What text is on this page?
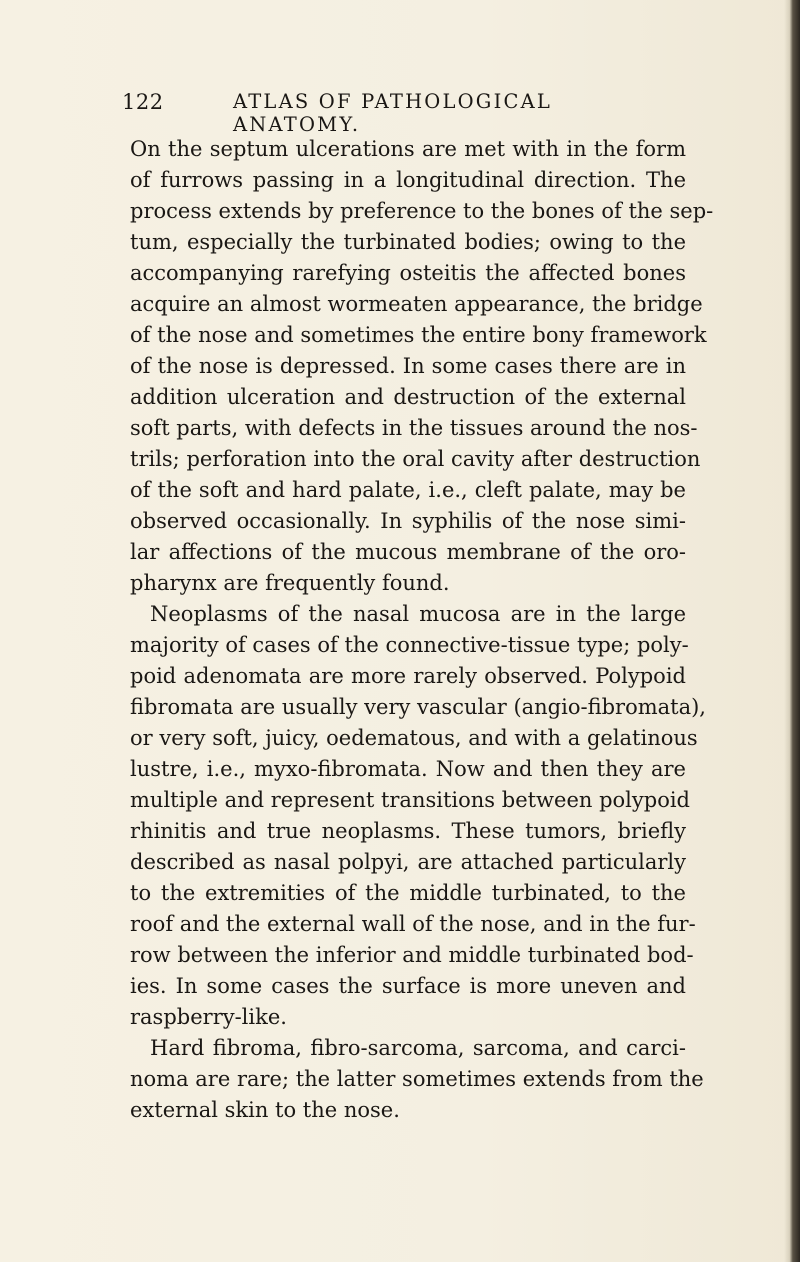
122	ATLAS OF PATHOLOGICAL ANATOMY.

On the septum ulcerations are met with in the form
of furrows passing in a longitudinal direction. The
process extends by preference to the bones of the sep-
tum, especially the turbinated bodies; owing to the
accompanying rarefying osteitis the affected bones
acquire an almost wormeaten appearance, the bridge
of the nose and sometimes the entire bony framework
of the nose is depressed. In some cases there are in
addition ulceration and destruction of the external
soft parts, with defects in the tissues around the nos-
trils; perforation into the oral cavity after destruction
of the soft and hard palate, i.e., cleft palate, may be
observed occasionally. In syphilis of the nose simi-
lar affections of the mucous membrane of the oro-
pharynx are frequently found.

Neoplasms of the nasal mucosa are in the large
majority of cases of the connective-tissue type; poly-
poid adenomata are more rarely observed. Polypoid
fibromata are usually very vascular (angio-fibromata),
or very soft, juicy, oedematous, and with a gelatinous
lustre, i.e., myxo-fibromata. Now and then they are
multiple and represent transitions between polypoid
rhinitis and true neoplasms. These tumors, briefly
described as nasal polpyi, are attached particularly
to the extremities of the middle turbinated, to the
roof and the external wall of the nose, and in the fur-
row between the inferior and middle turbinated bod-
ies. In some cases the surface is more uneven and
raspberry-like.

Hard fibroma, fibro-sarcoma, sarcoma, and carci-
noma are rare; the latter sometimes extends from the
external skin to the nose.
